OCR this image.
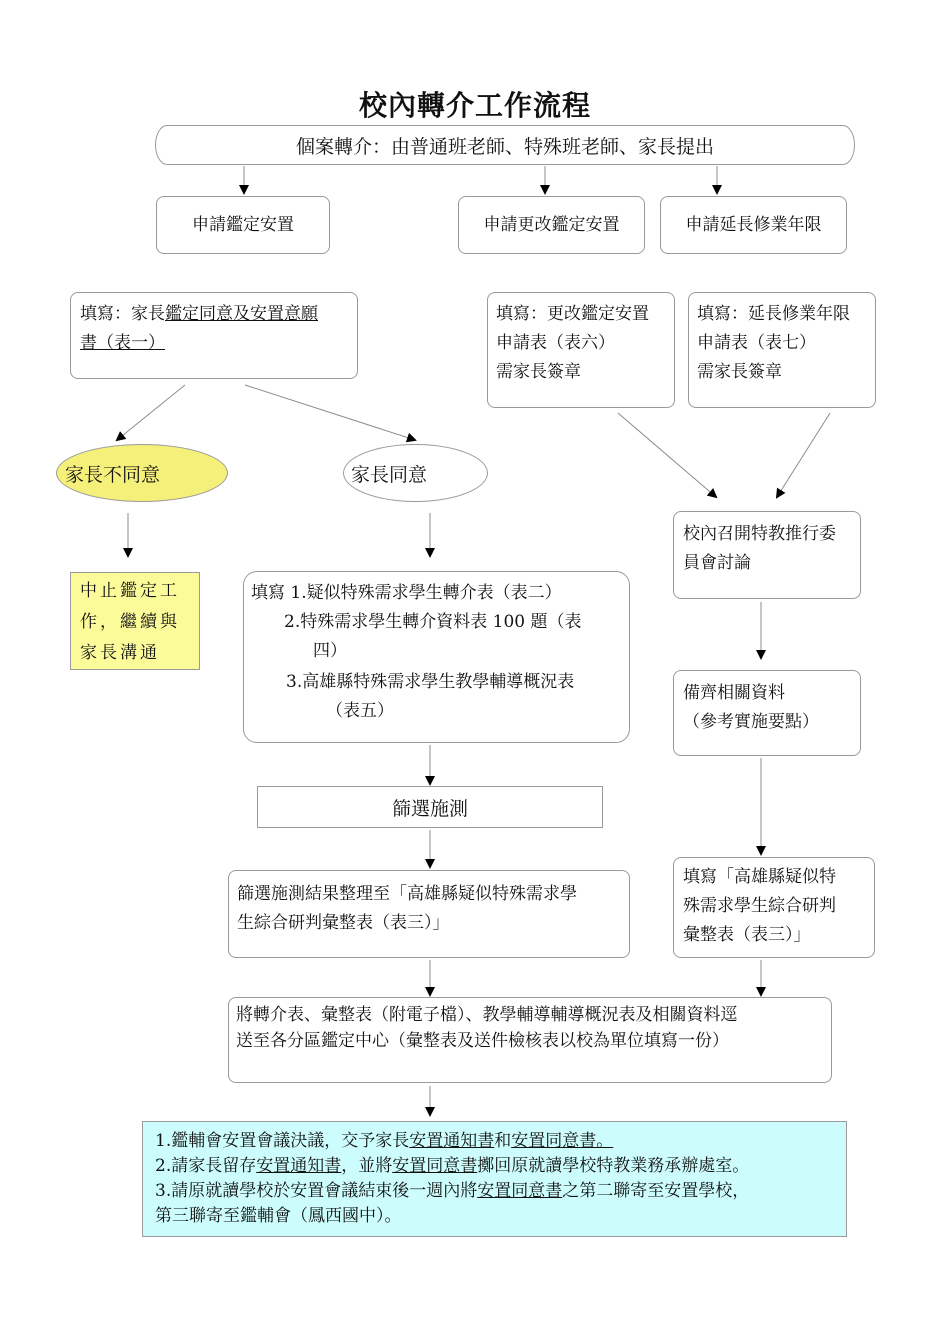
校內轉介工作流程
個案轉介：由普通班老師、特殊班老師、家長提出
申請鑑定安置	申請更改鑑定安置	申請延長修業年限
填寫：家長鑑定同意及安置意願
書（表一）
填寫：更改鑑定安置
申請表（表六）
需家長簽章
填寫：延長修業年限
申請表（表七）
需家長簽章
家長不同意	家長同意
中止鑑定工
作，繼續與
家長溝通
填寫 1.疑似特殊需求學生轉介表（表二）
2.特殊需求學生轉介資料表 100 題（表
四）
3.高雄縣特殊需求學生教學輔導概況表
（表五）
校內召開特教推行委
員會討論
篩選施測
備齊相關資料
（參考實施要點）
篩選施測結果整理至「高雄縣疑似特殊需求學
生綜合研判彙整表（表三）」
填寫「高雄縣疑似特
殊需求學生綜合研判
彙整表（表三）」
將轉介表、彙整表（附電子檔）、教學輔導輔導概況表及相關資料逕
送至各分區鑑定中心（彙整表及送件檢核表以校為單位填寫一份）
1.鑑輔會安置會議決議，交予家長安置通知書和安置同意書。
2.請家長留存安置通知書，並將安置同意書擲回原就讀學校特教業務承辦處室。
3.請原就讀學校於安置會議結束後一週內將安置同意書之第二聯寄至安置學校，
第三聯寄至鑑輔會（鳳西國中）。
